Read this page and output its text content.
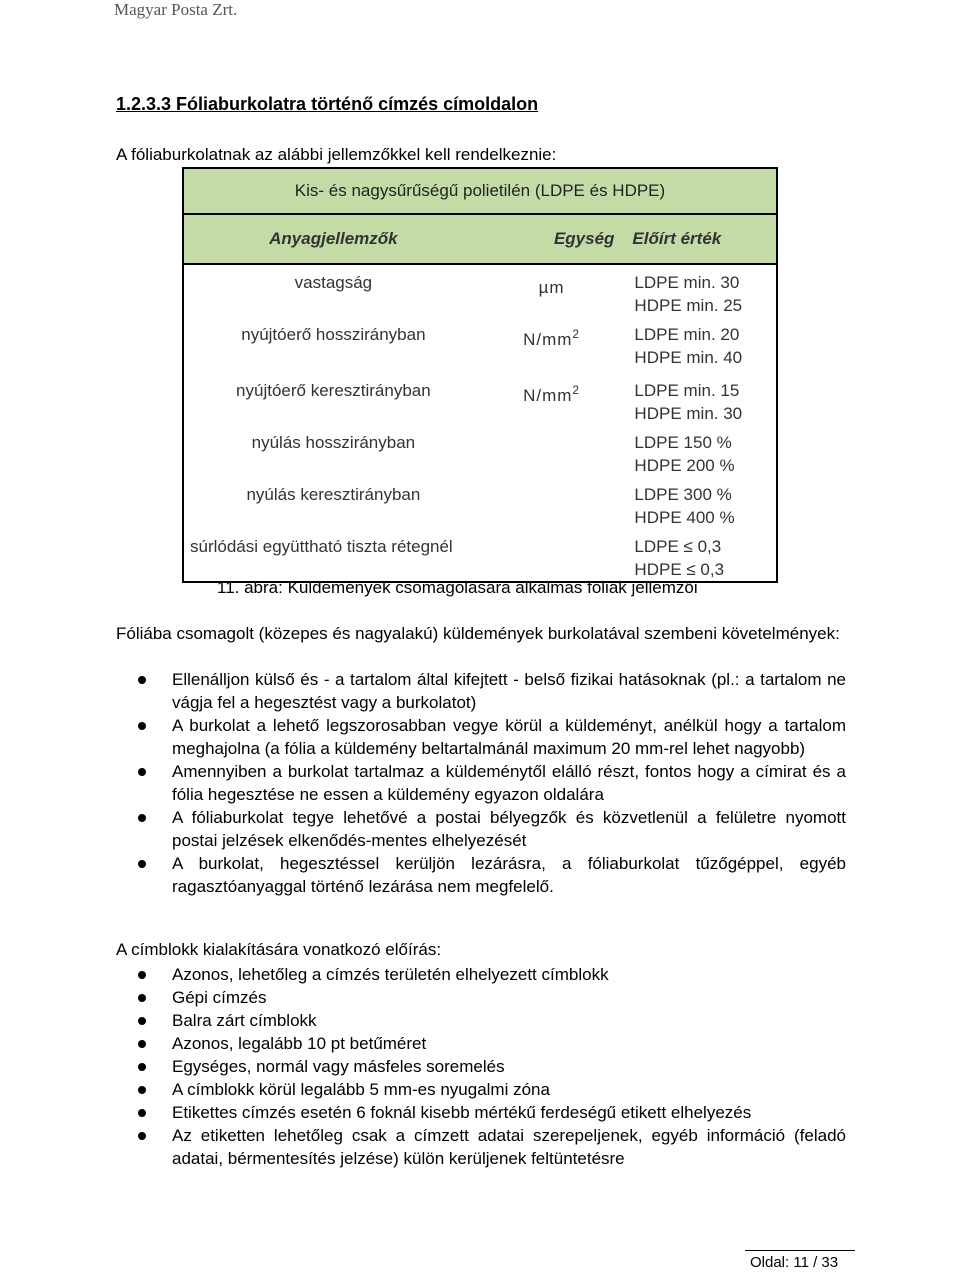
Magyar Posta Zrt.
1.2.3.3 Fóliaburkolatra történő címzés címoldalon
A fóliaburkolatnak az alábbi jellemzőkkel kell rendelkeznie:
Kis- és nagysűrűségű polietilén (LDPE és HDPE)		
Anyagjellemzők	Egység	Előírt érték

vastagság	µm	LDPE min. 30
HDPE min. 25

nyújtóerő hosszirányban	$N/mm^2$	LDPE min. 20
HDPE min. 40

nyújtóerő keresztirányban	$N/mm^2$	LDPE min. 15
HDPE min. 30

nyúlás hosszirányban		LDPE 150 %
HDPE 200 %

nyúlás keresztirányban		LDPE 300 %
HDPE 400 %

súrlódási együttható tiszta rétegnél		LDPE ≤ 0,3
HDPE ≤ 0,3
11. ábra: Küldemények csomagolására alkalmas fóliák jellemzői
Fóliába csomagolt (közepes és nagyalakú) küldemények burkolatával szembeni követelmények:
Ellenálljon külső és - a tartalom által kifejtett - belső fizikai hatásoknak (pl.: a tartalom ne vágja fel a hegesztést vagy a burkolatot)
A burkolat a lehető legszorosabban vegye körül a küldeményt, anélkül hogy a tartalom meghajolna (a fólia a küldemény beltartalmánál maximum 20 mm-rel lehet nagyobb)
Amennyiben a burkolat tartalmaz a küldeménytől elálló részt, fontos hogy a címirat és a fólia hegesztése ne essen a küldemény egyazon oldalára
A fóliaburkolat tegye lehetővé a postai bélyegzők és közvetlenül a felületre nyomott postai jelzések elkenődés-mentes elhelyezését
A burkolat, hegesztéssel kerüljön lezárásra, a fóliaburkolat tűzőgéppel, egyéb ragasztóanyaggal történő lezárása nem megfelelő.
A címblokk kialakítására vonatkozó előírás:
Azonos, lehetőleg a címzés területén elhelyezett címblokk
Gépi címzés
Balra zárt címblokk
Azonos, legalább 10 pt betűméret
Egységes, normál vagy másfeles soremelés
A címblokk körül legalább 5 mm-es nyugalmi zóna
Etikettes címzés esetén 6 foknál kisebb mértékű ferdeségű etikett elhelyezés
Az etiketten lehetőleg csak a címzett adatai szerepeljenek, egyéb információ (feladó adatai, bérmentesítés jelzése) külön kerüljenek feltüntetésre
Oldal: 11 / 33
